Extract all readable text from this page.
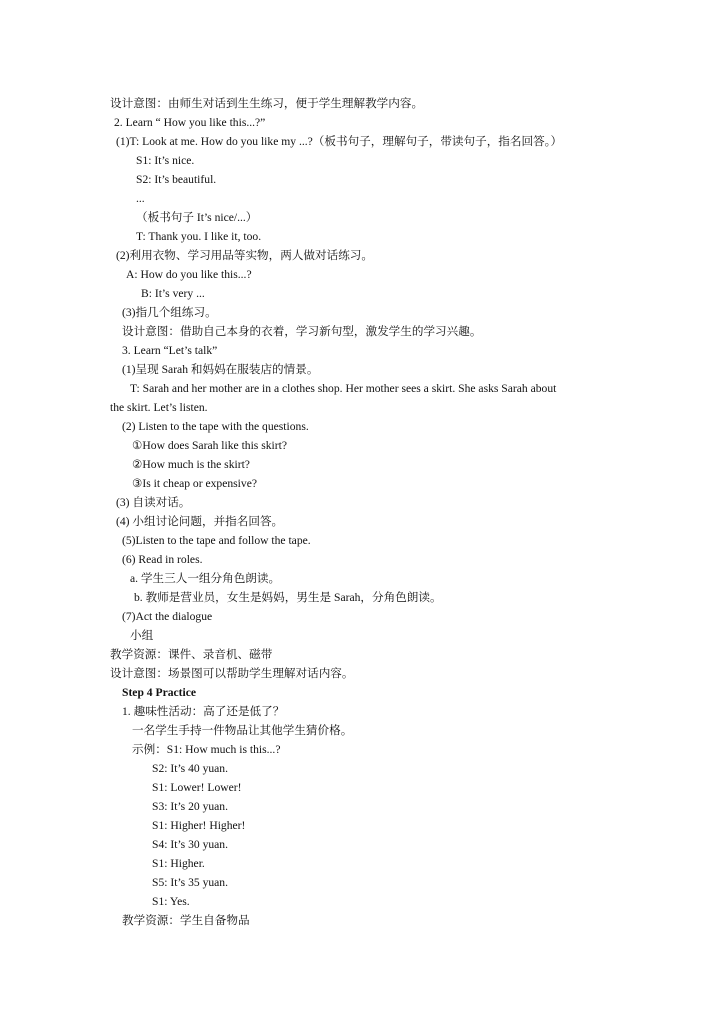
设计意图：由师生对话到生生练习，便于学生理解教学内容。
2. Learn “ How you like this...?”
(1)T: Look at me. How do you like my ...?（板书句子，理解句子，带读句子，指名回答。）
S1: It’s nice.
S2: It’s beautiful.
...
（板书句子 It’s nice/...）
T: Thank you. I like it, too.
(2)利用衣物、学习用品等实物，两人做对话练习。
A: How do you like this...?
B: It’s very ...
(3)指几个组练习。
设计意图：借助自己本身的衣着，学习新句型，激发学生的学习兴趣。
3. Learn “Let’s talk”
(1)呈现 Sarah 和妈妈在服装店的情景。
T: Sarah and her mother are in a clothes shop. Her mother sees a skirt. She asks Sarah about
the skirt. Let’s listen.
(2) Listen to the tape with the questions.
①How does Sarah like this skirt?
②How much is the skirt?
③Is it cheap or expensive?
(3) 自读对话。
(4) 小组讨论问题，并指名回答。
(5)Listen to the tape and follow the tape.
(6) Read in roles.
a. 学生三人一组分角色朗读。
b. 教师是营业员，女生是妈妈，男生是 Sarah，分角色朗读。
(7)Act the dialogue
小组
教学资源：课件、录音机、磁带
设计意图：场景图可以帮助学生理解对话内容。
Step 4 Practice
1. 趣味性活动：高了还是低了？
一名学生手持一件物品让其他学生猜价格。
示例：S1: How much is this...?
S2: It’s 40 yuan.
S1: Lower! Lower!
S3: It’s 20 yuan.
S1: Higher! Higher!
S4: It’s 30 yuan.
S1: Higher.
S5: It’s 35 yuan.
S1: Yes.
教学资源：学生自备物品
